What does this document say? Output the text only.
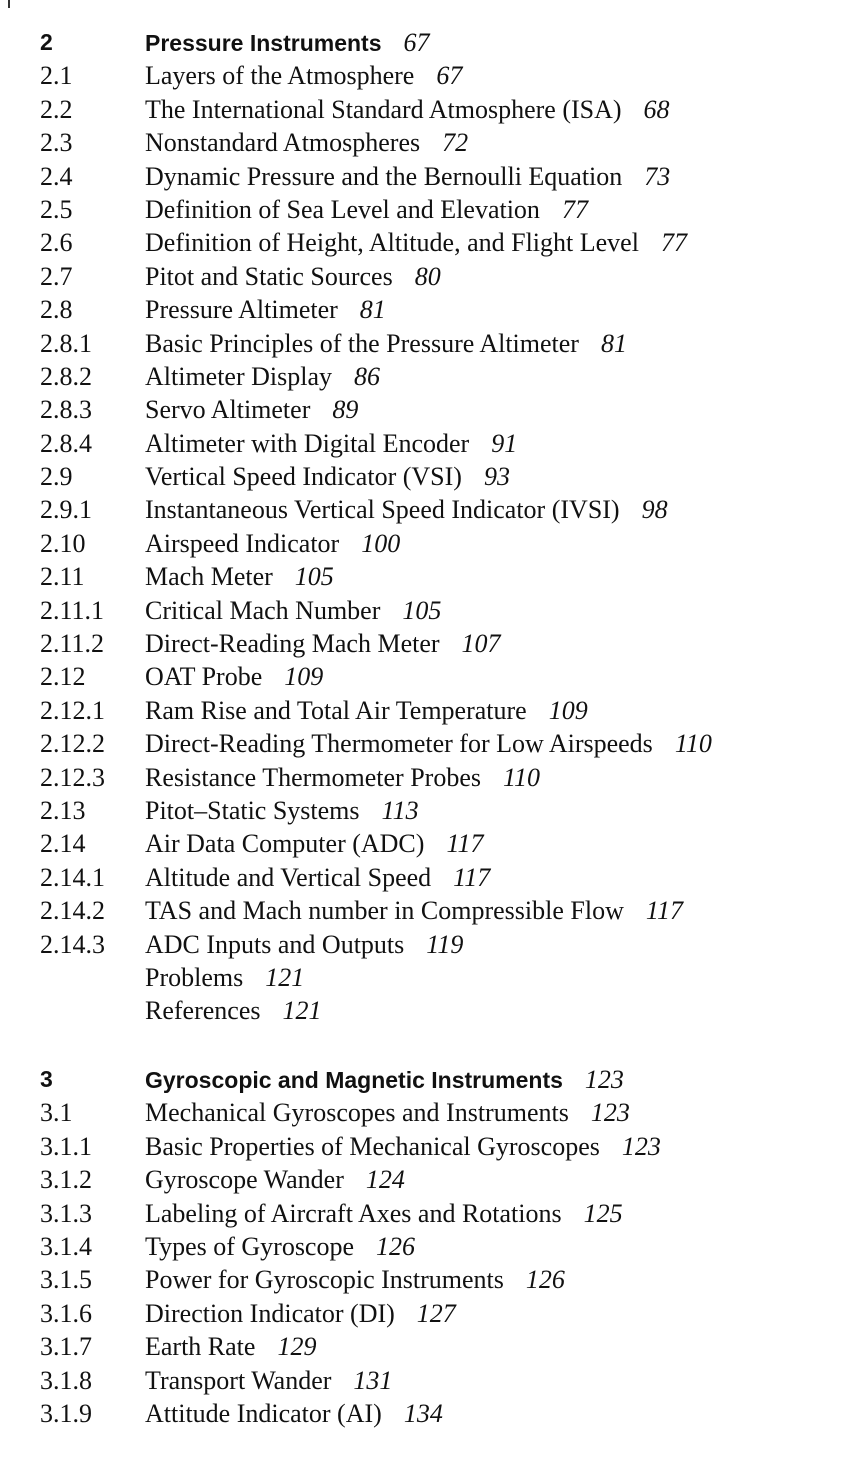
2	Pressure Instruments 67
2.1	Layers of the Atmosphere 67
2.2	The International Standard Atmosphere (ISA) 68
2.3	Nonstandard Atmospheres 72
2.4	Dynamic Pressure and the Bernoulli Equation 73
2.5	Definition of Sea Level and Elevation 77
2.6	Definition of Height, Altitude, and Flight Level 77
2.7	Pitot and Static Sources 80
2.8	Pressure Altimeter 81
2.8.1	Basic Principles of the Pressure Altimeter 81
2.8.2	Altimeter Display 86
2.8.3	Servo Altimeter 89
2.8.4	Altimeter with Digital Encoder 91
2.9	Vertical Speed Indicator (VSI) 93
2.9.1	Instantaneous Vertical Speed Indicator (IVSI) 98
2.10	Airspeed Indicator 100
2.11	Mach Meter 105
2.11.1	Critical Mach Number 105
2.11.2	Direct-Reading Mach Meter 107
2.12	OAT Probe 109
2.12.1	Ram Rise and Total Air Temperature 109
2.12.2	Direct-Reading Thermometer for Low Airspeeds 110
2.12.3	Resistance Thermometer Probes 110
2.13	Pitot–Static Systems 113
2.14	Air Data Computer (ADC) 117
2.14.1	Altitude and Vertical Speed 117
2.14.2	TAS and Mach number in Compressible Flow 117
2.14.3	ADC Inputs and Outputs 119
Problems 121
References 121
3	Gyroscopic and Magnetic Instruments 123
3.1	Mechanical Gyroscopes and Instruments 123
3.1.1	Basic Properties of Mechanical Gyroscopes 123
3.1.2	Gyroscope Wander 124
3.1.3	Labeling of Aircraft Axes and Rotations 125
3.1.4	Types of Gyroscope 126
3.1.5	Power for Gyroscopic Instruments 126
3.1.6	Direction Indicator (DI) 127
3.1.7	Earth Rate 129
3.1.8	Transport Wander 131
3.1.9	Attitude Indicator (AI) 134
